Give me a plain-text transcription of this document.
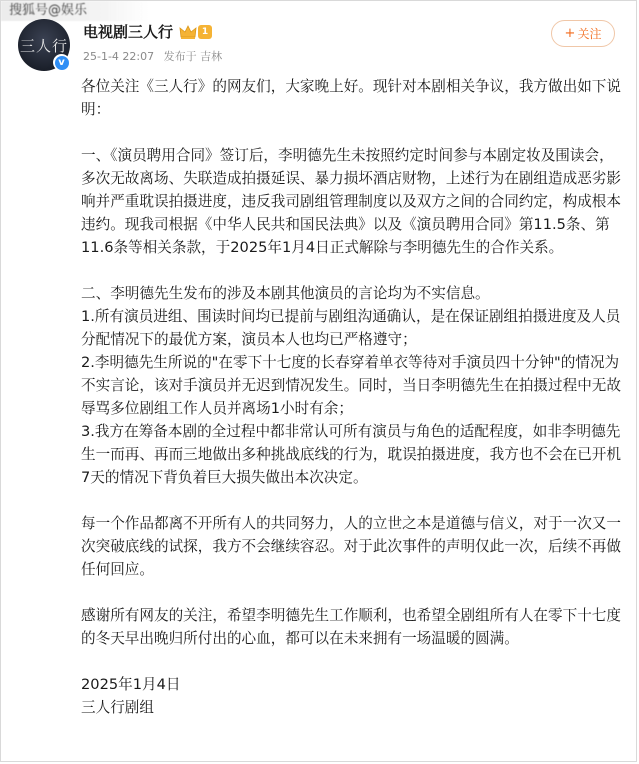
搜狐号@娱乐
三人行
v
电视剧三人行	1
25-1-4 22:07 发布于 吉林
+ 关注

各位关注《三人行》的网友们，大家晚上好。现针对本剧相关争议，我方做出如下说明：

一、《演员聘用合同》签订后，李明德先生未按照约定时间参与本剧定妆及围读会，多次无故离场、失联造成拍摄延误、暴力损坏酒店财物，上述行为在剧组造成恶劣影响并严重耽误拍摄进度，违反我司剧组管理制度以及双方之间的合同约定，构成根本违约。现我司根据《中华人民共和国民法典》以及《演员聘用合同》第11.5条、第11.6条等相关条款，于2025年1月4日正式解除与李明德先生的合作关系。

二、李明德先生发布的涉及本剧其他演员的言论均为不实信息。

1.所有演员进组、围读时间均已提前与剧组沟通确认，是在保证剧组拍摄进度及人员分配情况下的最优方案，演员本人也均已严格遵守；

2.李明德先生所说的"在零下十七度的长春穿着单衣等待对手演员四十分钟"的情况为不实言论，该对手演员并无迟到情况发生。同时，当日李明德先生在拍摄过程中无故辱骂多位剧组工作人员并离场1小时有余；

3.我方在筹备本剧的全过程中都非常认可所有演员与角色的适配程度，如非李明德先生一而再、再而三地做出多种挑战底线的行为，耽误拍摄进度，我方也不会在已开机7天的情况下背负着巨大损失做出本次决定。

每一个作品都离不开所有人的共同努力，人的立世之本是道德与信义，对于一次又一次突破底线的试探，我方不会继续容忍。对于此次事件的声明仅此一次，后续不再做任何回应。

感谢所有网友的关注，希望李明德先生工作顺利，也希望全剧组所有人在零下十七度的冬天早出晚归所付出的心血，都可以在未来拥有一场温暖的圆满。

2025年1月4日

三人行剧组
